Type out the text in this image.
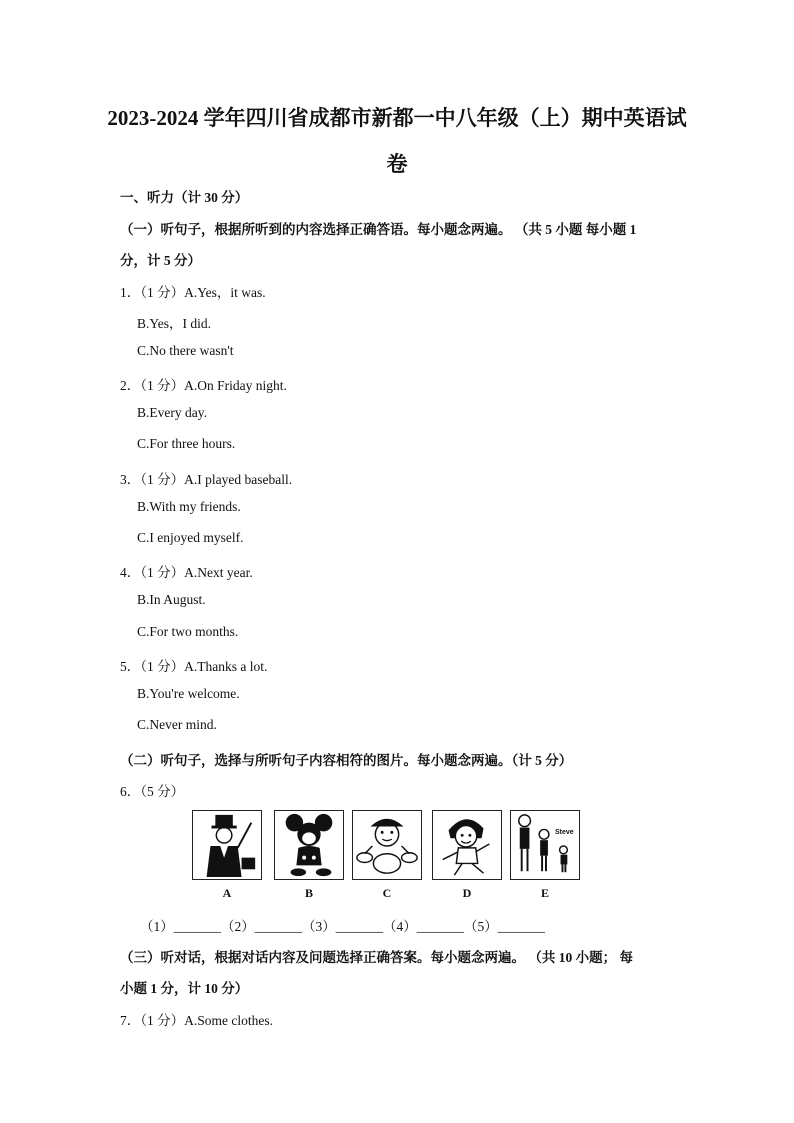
2023-2024 学年四川省成都市新都一中八年级（上）期中英语试
卷
一、听力（计 30 分）
（一）听句子，根据所听到的内容选择正确答语。每小题念两遍。 （共 5 小题 每小题 1
分，计 5 分）
1．（1 分）A.Yes，it was.
B.Yes，I did.
C.No there wasn't
2．（1 分）A.On Friday night.
B.Every day.
C.For three hours.
3．（1 分）A.I played baseball.
B.With my friends.
C.I enjoyed myself.
4．（1 分）A.Next year.
B.In August.
C.For two months.
5．（1 分）A.Thanks a lot.
B.You're welcome.
C.Never mind.
（二）听句子，选择与所听句子内容相符的图片。每小题念两遍。（计 5 分）
6．（5 分）
A	B	C	D
Steve
E
（1）_______（2）_______（3）_______（4）_______（5）_______
（三）听对话，根据对话内容及问题选择正确答案。每小题念两遍。 （共 10 小题； 每
小题 1 分，计 10 分）
7．（1 分）A.Some clothes.
